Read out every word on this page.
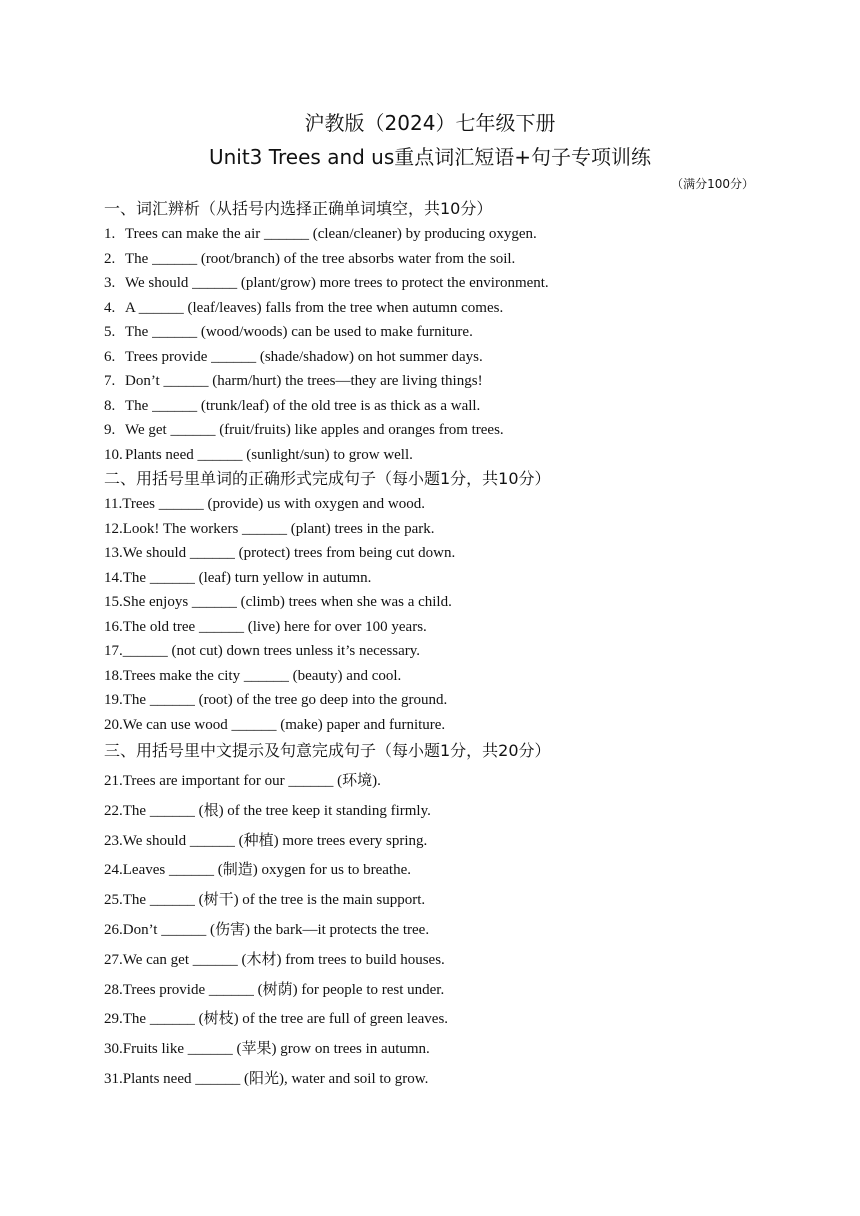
沪教版（2024）七年级下册
Unit3 Trees and us重点词汇短语+句子专项训练
（满分100分）
一、词汇辨析（从括号内选择正确单词填空，共10分）
1. Trees can make the air ______ (clean/cleaner) by producing oxygen.
2. The ______ (root/branch) of the tree absorbs water from the soil.
3. We should ______ (plant/grow) more trees to protect the environment.
4. A ______ (leaf/leaves) falls from the tree when autumn comes.
5. The ______ (wood/woods) can be used to make furniture.
6. Trees provide ______ (shade/shadow) on hot summer days.
7. Don’t ______ (harm/hurt) the trees—they are living things!
8. The ______ (trunk/leaf) of the old tree is as thick as a wall.
9. We get ______ (fruit/fruits) like apples and oranges from trees.
10. Plants need ______ (sunlight/sun) to grow well.
二、用括号里单词的正确形式完成句子（每小题1分，共10分）
11. Trees ______ (provide) us with oxygen and wood.
12. Look! The workers ______ (plant) trees in the park.
13. We should ______ (protect) trees from being cut down.
14. The ______ (leaf) turn yellow in autumn.
15. She enjoys ______ (climb) trees when she was a child.
16. The old tree ______ (live) here for over 100 years.
17. ______ (not cut) down trees unless it’s necessary.
18. Trees make the city ______ (beauty) and cool.
19. The ______ (root) of the tree go deep into the ground.
20. We can use wood ______ (make) paper and furniture.
三、用括号里中文提示及句意完成句子（每小题1分，共20分）
21. Trees are important for our ______ (环境).
22. The ______ (根) of the tree keep it standing firmly.
23. We should ______ (种植) more trees every spring.
24. Leaves ______ (制造) oxygen for us to breathe.
25. The ______ (树干) of the tree is the main support.
26. Don’t ______ (伤害) the bark—it protects the tree.
27. We can get ______ (木材) from trees to build houses.
28. Trees provide ______ (树荫) for people to rest under.
29. The ______ (树枝) of the tree are full of green leaves.
30. Fruits like ______ (苹果) grow on trees in autumn.
31. Plants need ______ (阳光), water and soil to grow.
